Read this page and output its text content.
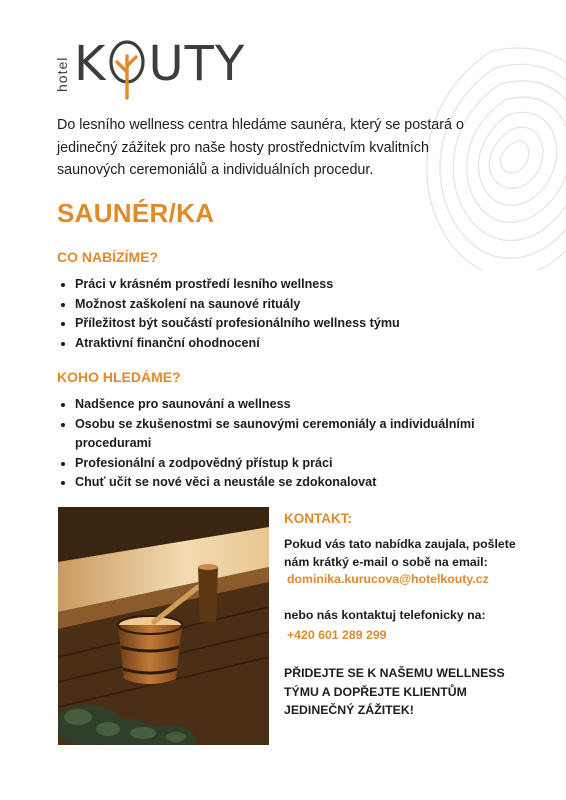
hotel K UTY
Do lesního wellness centra hledáme saunéra, který se postará o jedinečný zážitek pro naše hosty prostřednictvím kvalitních saunových ceremoniálů a individuálních procedur.
SAUNÉR/KA
CO NABÍZÍME?
Práci v krásném prostředí lesního wellness
Možnost zaškolení na saunové rituály
Příležitost být součástí profesionálního wellness týmu
Atraktivní finanční ohodnocení
KOHO HLEDÁME?
Nadšence pro saunování a wellness
Osobu se zkušenostmi se saunovými ceremoniály a individuálními procedurami
Profesionální a zodpovědný přístup k práci
Chuť učit se nové věci a neustále se zdokonalovat
KONTAKT:
Pokud vás tato nabídka zaujala, pošlete nám krátký e-mail o sobě na email:
dominika.kurucova@hotelkouty.cz
nebo nás kontaktuj telefonicky na:
+420 601 289 299
PŘIDEJTE SE K NAŠEMU WELLNESS TÝMU A DOPŘEJTE KLIENTŮM JEDINEČNÝ ZÁŽITEK!
